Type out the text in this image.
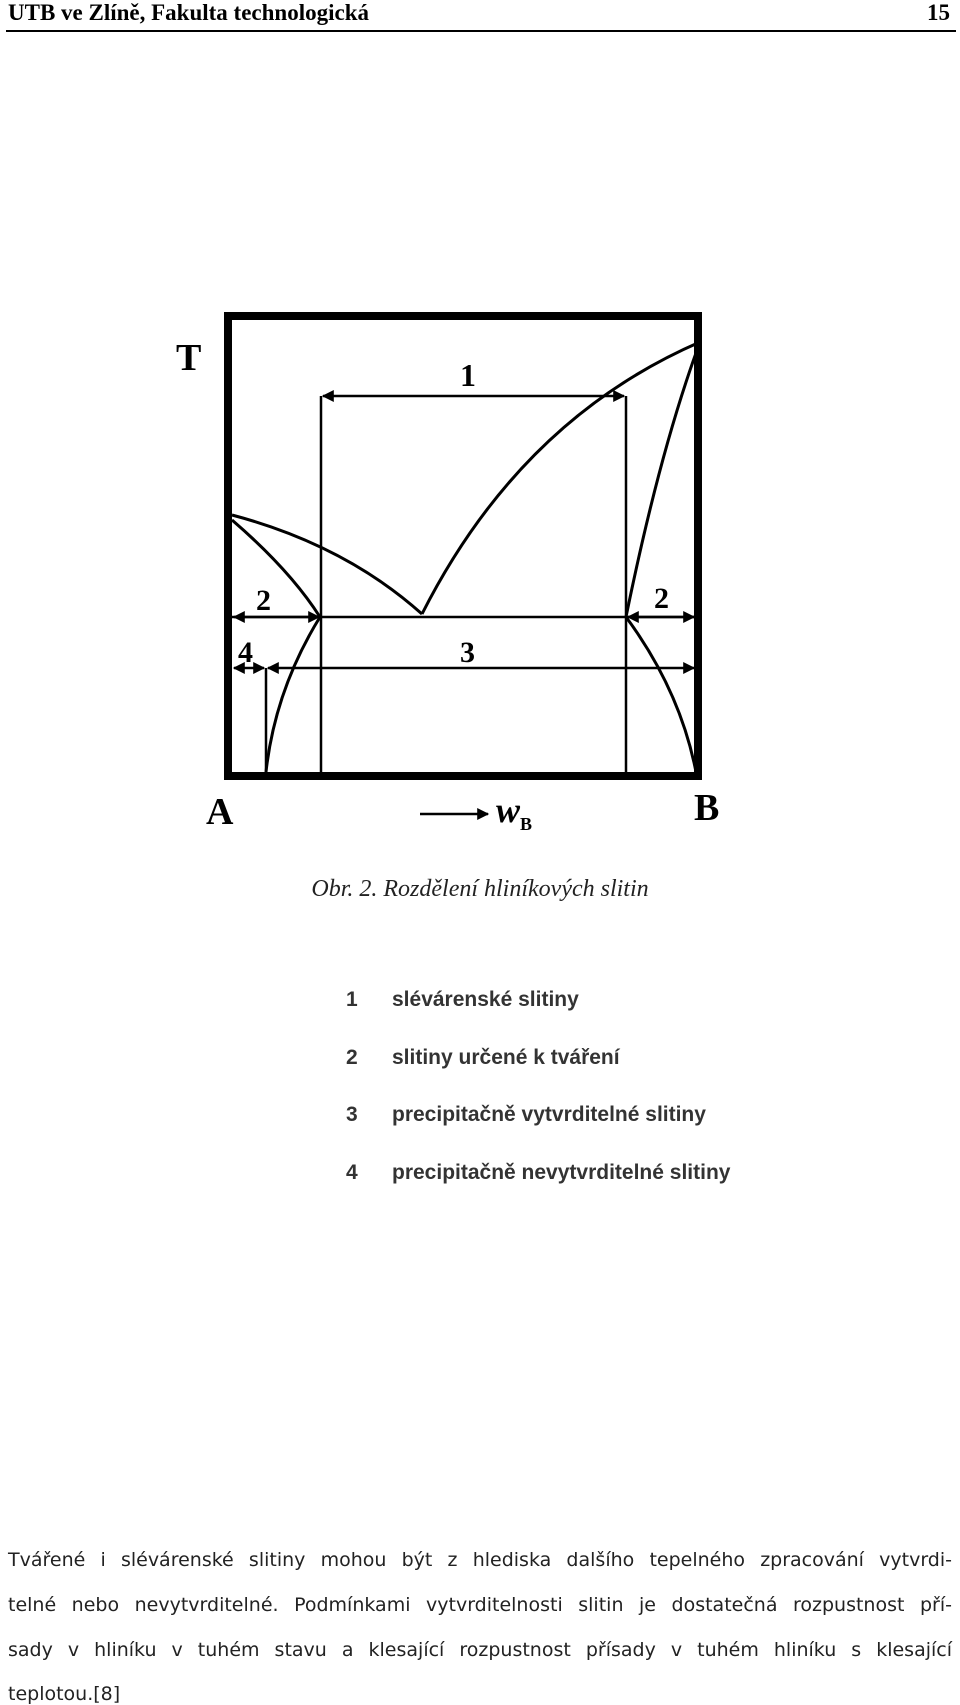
UTB ve Zlíně, Fakulta technologická	15
T	1
2	2
3
4
A	B
$w_B$
Obr. 2. Rozdělení hliníkových slitin
1 slévárenské slitiny
2 slitiny určené k tváření
3 precipitačně vytvrditelné slitiny
4 precipitačně nevytvrditelné slitiny
Tvářené i slévárenské slitiny mohou být z hlediska dalšího tepelného zpracování vytvrdi-
telné nebo nevytvrditelné. Podmínkami vytvrditelnosti slitin je dostatečná rozpustnost pří-
sady v hliníku v tuhém stavu a klesající rozpustnost přísady v tuhém hliníku s klesající
teplotou.[8]
